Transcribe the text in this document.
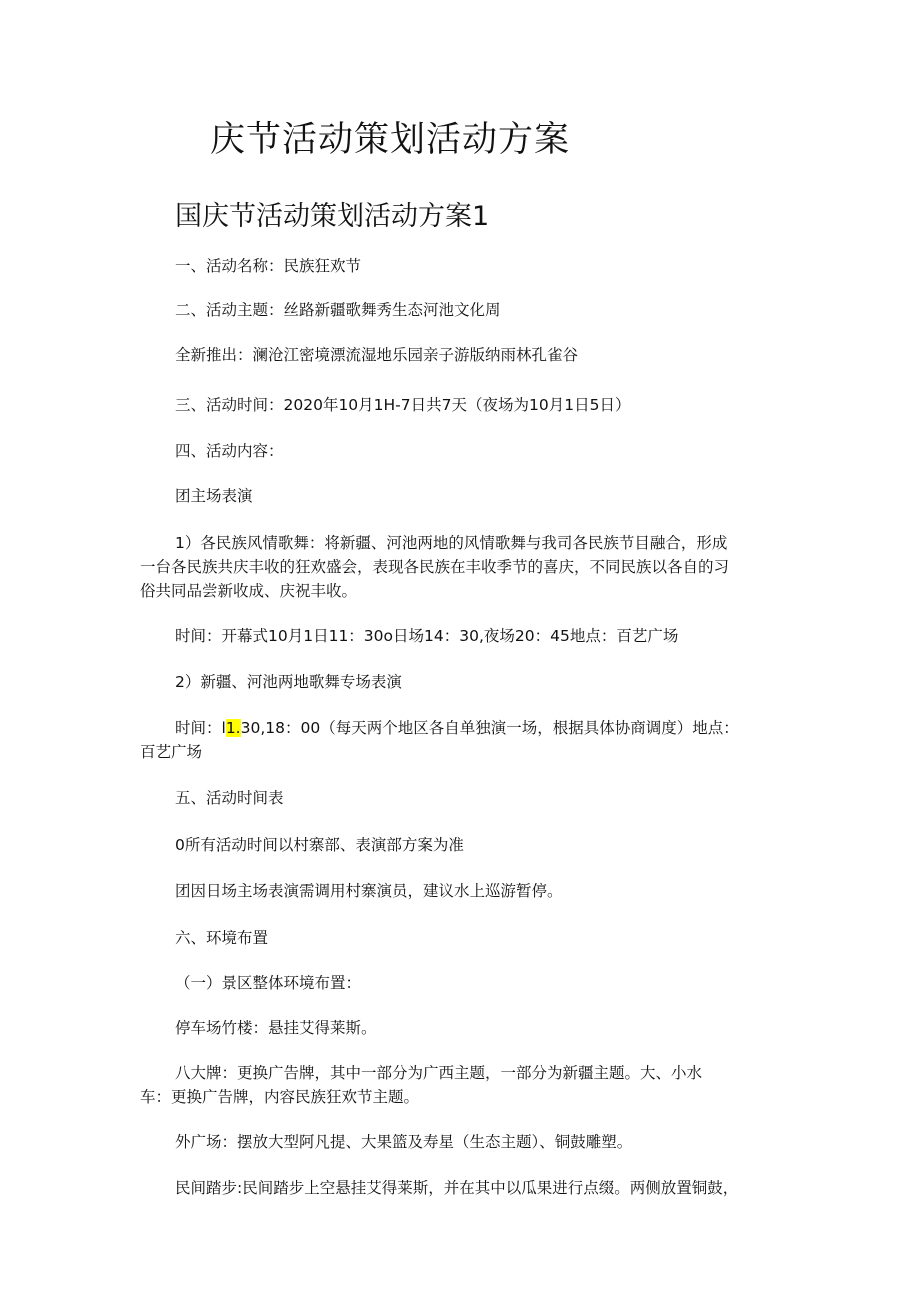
庆节活动策划活动方案
国庆节活动策划活动方案1

一、活动名称：民族狂欢节

二、活动主题：丝路新疆歌舞秀生态河池文化周

全新推出：澜沧江密境漂流湿地乐园亲子游版纳雨林孔雀谷

三、活动时间：2020年10月1H-7日共7天（夜场为10月1日5日）

四、活动内容：

团主场表演

1）各民族风情歌舞：将新疆、河池两地的风情歌舞与我司各民族节目融合，形成
一台各民族共庆丰收的狂欢盛会，表现各民族在丰收季节的喜庆，不同民族以各自的习
俗共同品尝新收成、庆祝丰收。

时间：开幕式10月1日11：30o日场14：30,夜场20：45地点：百艺广场

2）新疆、河池两地歌舞专场表演

时间：l1.30,18：00（每天两个地区各自单独演一场，根据具体协商调度）地点：
百艺广场

五、活动时间表

0所有活动时间以村寨部、表演部方案为准

团因日场主场表演需调用村寨演员，建议水上巡游暂停。

六、环境布置

（一）景区整体环境布置：

停车场竹楼：悬挂艾得莱斯。

八大牌：更换广告牌，其中一部分为广西主题，一部分为新疆主题。大、小水
车：更换广告牌，内容民族狂欢节主题。

外广场：摆放大型阿凡提、大果篮及寿星（生态主题）、铜鼓雕塑。

民间踏步:民间踏步上空悬挂艾得莱斯，并在其中以瓜果进行点缀。两侧放置铜鼓，
